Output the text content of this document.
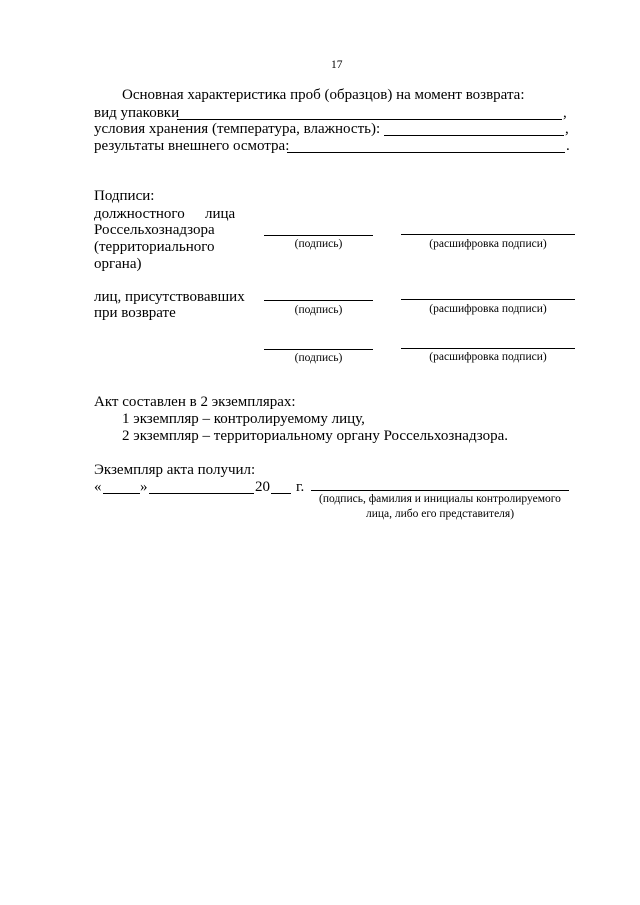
17
Основная характеристика проб (образцов) на момент возврата:
вид упаковки	,
условия хранения (температура, влажность):	,
результаты внешнего осмотра:	.
Подписи:
должностного лица
Россельхознадзора
(территориального
органа)
(подпись)	(расшифровка подписи)
лиц, присутствовавших
при возврате	(подпись)	(расшифровка подписи)
(подпись)	(расшифровка подписи)
Акт составлен в 2 экземплярах:
1 экземпляр – контролируемому лицу,
2 экземпляр – территориальному органу Россельхознадзора.
Экземпляр акта получил:
«	»	20 г.
(подпись, фамилия и инициалы контролируемого
лица, либо его представителя)
